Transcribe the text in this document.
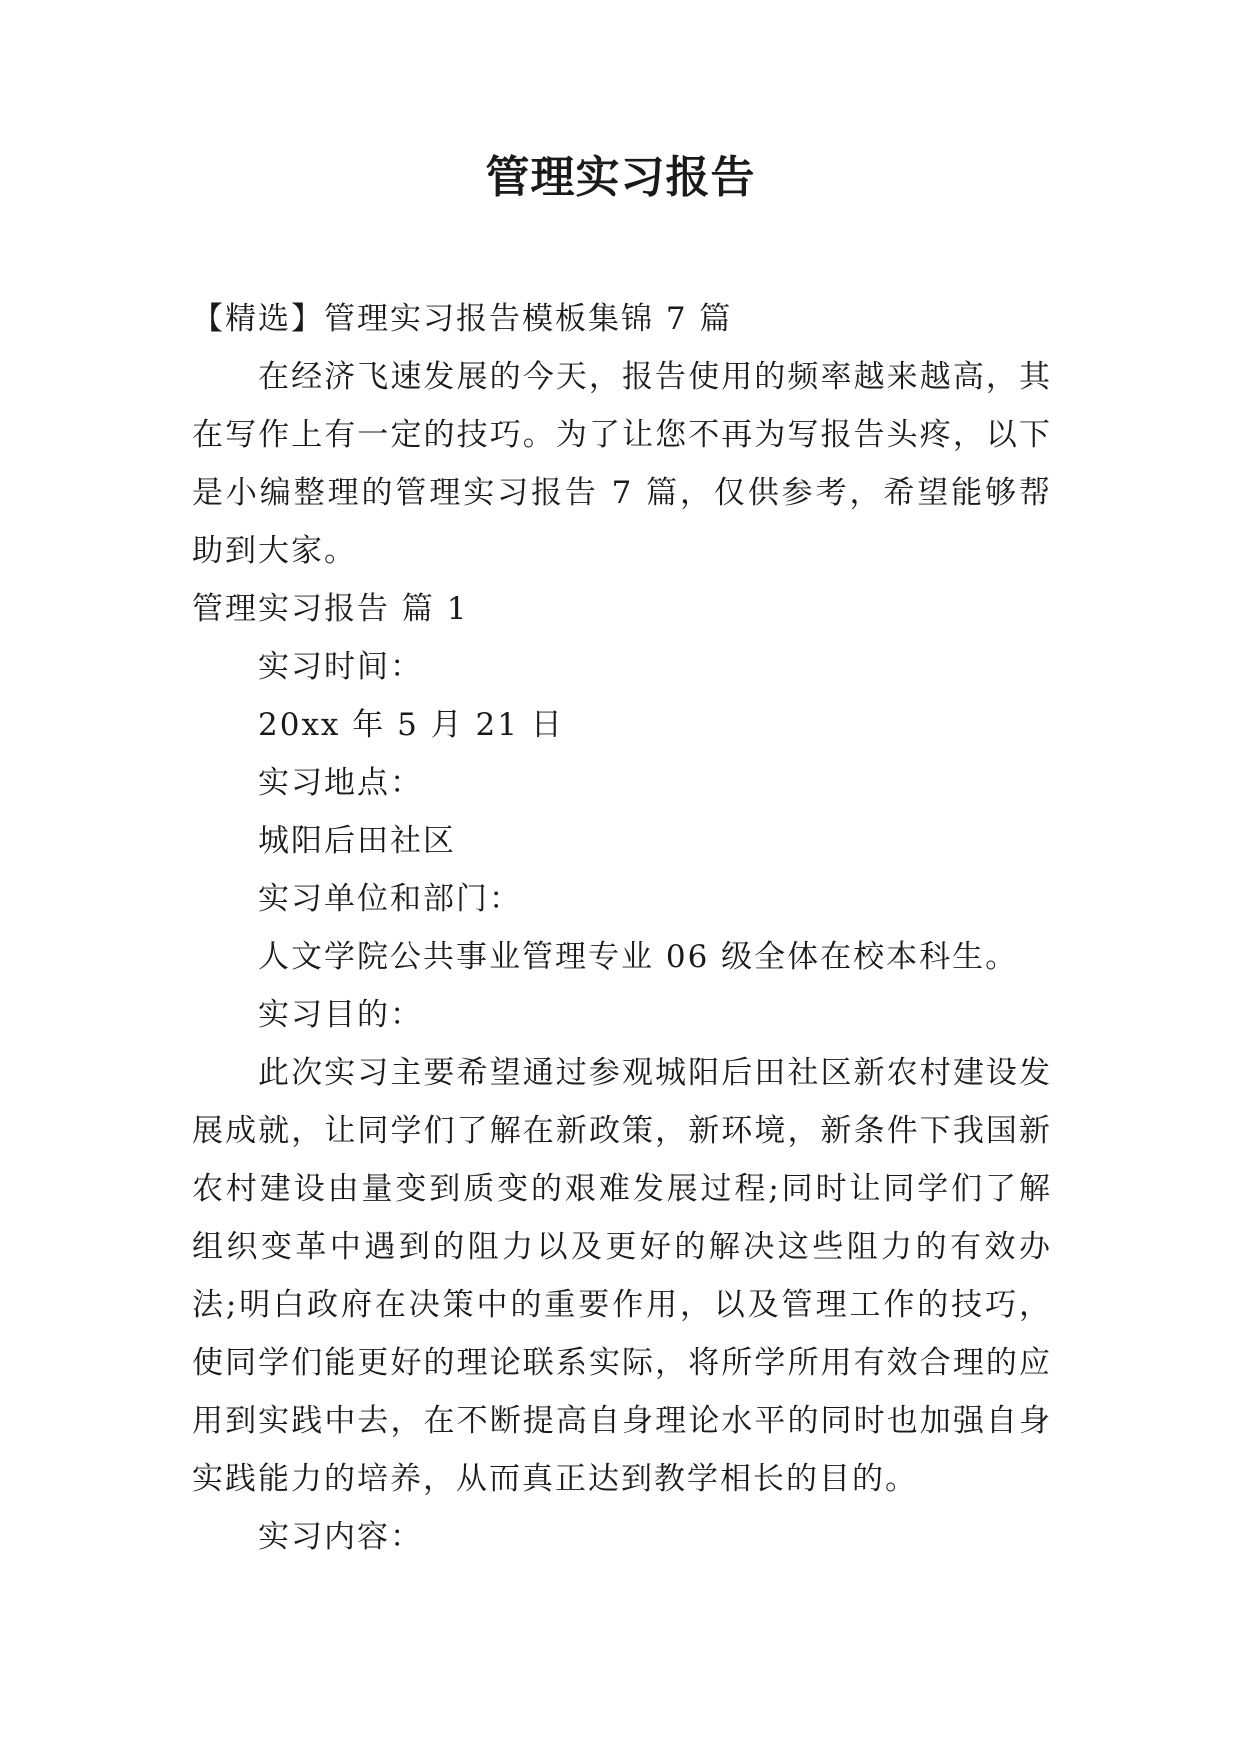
管理实习报告

【精选】管理实习报告模板集锦 7 篇

在经济飞速发展的今天，报告使用的频率越来越高，其在写作上有一定的技巧。为了让您不再为写报告头疼，以下是小编整理的管理实习报告 7 篇，仅供参考，希望能够帮助到大家。

管理实习报告 篇 1

实习时间：

20xx 年 5 月 21 日

实习地点：

城阳后田社区

实习单位和部门：

人文学院公共事业管理专业 06 级全体在校本科生。

实习目的：

此次实习主要希望通过参观城阳后田社区新农村建设发展成就，让同学们了解在新政策，新环境，新条件下我国新农村建设由量变到质变的艰难发展过程;同时让同学们了解组织变革中遇到的阻力以及更好的解决这些阻力的有效办法;明白政府在决策中的重要作用，以及管理工作的技巧，使同学们能更好的理论联系实际，将所学所用有效合理的应用到实践中去，在不断提高自身理论水平的同时也加强自身实践能力的培养，从而真正达到教学相长的目的。

实习内容：
